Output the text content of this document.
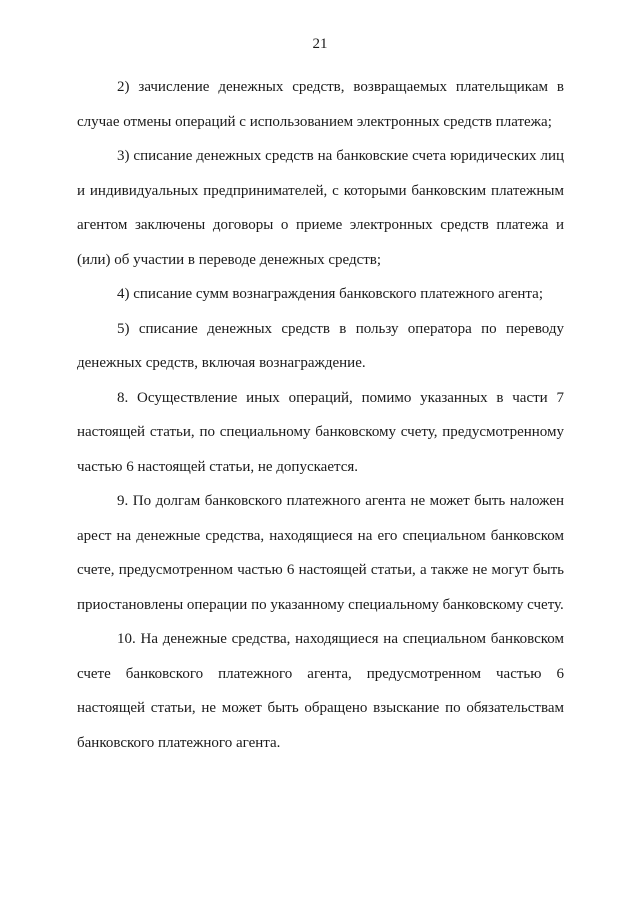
21

2) зачисление денежных средств, возвращаемых плательщикам в случае отмены операций с использованием электронных средств платежа;

3) списание денежных средств на банковские счета юридических лиц и индивидуальных предпринимателей, с которыми банковским платежным агентом заключены договоры о приеме электронных средств платежа и (или) об участии в переводе денежных средств;

4) списание сумм вознаграждения банковского платежного агента;

5) списание денежных средств в пользу оператора по переводу денежных средств, включая вознаграждение.

8. Осуществление иных операций, помимо указанных в части 7 настоящей статьи, по специальному банковскому счету, предусмотренному частью 6 настоящей статьи, не допускается.

9. По долгам банковского платежного агента не может быть наложен арест на денежные средства, находящиеся на его специальном банковском счете, предусмотренном частью 6 настоящей статьи, а также не могут быть приостановлены операции по указанному специальному банковскому счету.

10. На денежные средства, находящиеся на специальном банковском счете банковского платежного агента, предусмотренном частью 6 настоящей статьи, не может быть обращено взыскание по обязательствам банковского платежного агента.
